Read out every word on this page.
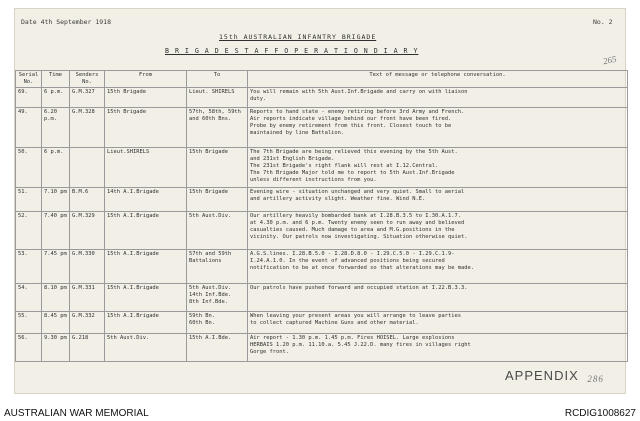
Date 4th September 1918	No. 2
15th AUSTRALIAN INFANTRY BRIGADE
B R I G A D E S T A F F O P E R A T I O N D I A R Y
265
Serial No.	Time	Senders No.	From	To	Text of message or telephone conversation.

69.	6 p.m.	G.M.327	15th Brigade	Lieut. SHIRELS	You will remain with 5th Aust.Inf.Brigade and carry on with liaison
duty.

49.	6.20
p.m.	G.M.328	15th Brigade	57th, 58th, 59th
and 60th Bns.	Reports to hand state - enemy retiring before 3rd Army and French.
Air reports indicate village behind our front have been fired.
Probe by enemy retirement from this front. Closest touch to be
maintained by line Battalion.

50.	6 p.m.		Lieut.SHIRELS	15th Brigade	The 7th Brigade are being relieved this evening by the 5th Aust.
and 231st English Brigade.
The 231st Brigade's right flank will rest at I.12.Central.
The 7th Brigade Major told me to report to 5th Aust.Inf.Brigade
unless different instructions from you.

51.	7.10 pm	B.M.6	14th A.I.Brigade	15th Brigade	Evening wire - situation unchanged and very quiet. Small to aerial
and artillery activity slight. Weather fine. Wind N.E.

52.	7.40 pm	G.M.329	15th A.I.Brigade	5th Aust.Div.	Our artillery heavily bombarded bank at I.28.B.3.5 to I.30.A.1.7.
at 4.30 p.m. and 6 p.m. Twenty enemy seen to run away and believed
casualties caused. Much damage to area and M.G.positions in the
vicinity. Our patrols now investigating. Situation otherwise quiet.

53.	7.45 pm	G.M.330	15th A.I.Brigade	57th and 59th
Battalions	A.G.S.lines. I.28.B.5.0 - I.28.D.8.0 - I.29.C.5.0 - I.29.C.1.9-
I.24.A.1.0. In the event of advanced positions being secured
notification to be at once forwarded so that alterations may be made.

54.	8.10 pm	G.M.331	15th A.I.Brigade	5th Aust.Div.
14th Inf.Bde.
8th Inf.Bde.	Our patrols have pushed forward and occupied station at I.22.B.3.3.

55.	8.45 pm	G.M.332	15th A.I.Brigade	59th Bn.
60th Bn.	When leaving your present areas you will arrange to leave parties
to collect captured Machine Guns and other material.

56.	9.30 pm	G.218	5th Aust.Div.	15th A.I.Bde.	Air report - 1.30 p.m. 1.45 p.m. Fires HOISEL. Large explosions
HERBAIS 1.20 p.m. 11.10.a. 5.45 J.22.D. many fires in villages right
Gorge front.
APPENDIX 286
AUSTRALIAN WAR MEMORIAL	RCDIG1008627
